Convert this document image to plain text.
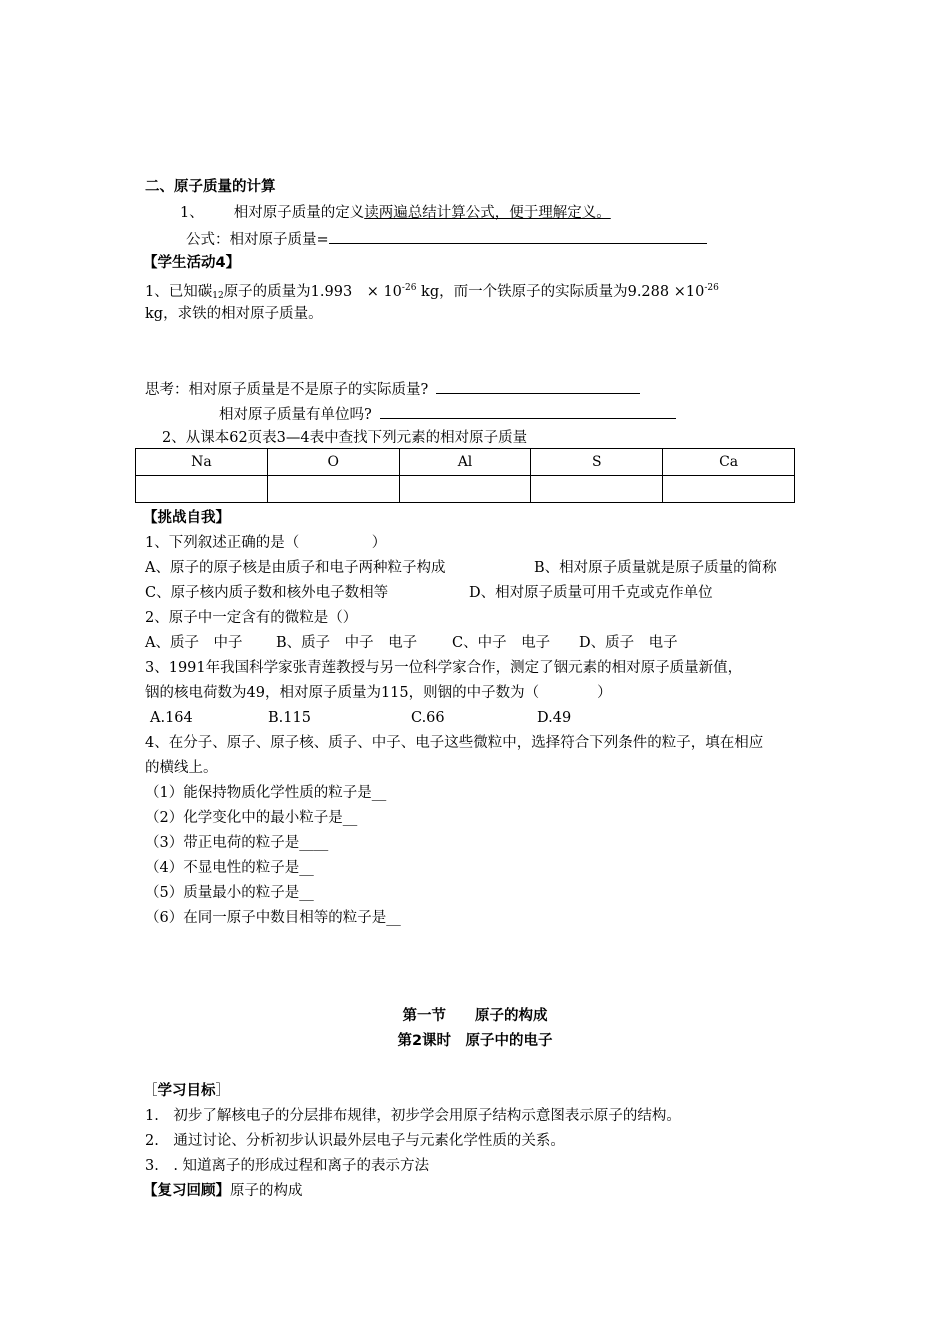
二、原子质量的计算
1、 相对原子质量的定义读两遍总结计算公式，便于理解定义。
公式：相对原子质量=
【学生活动4】
1、已知碳$_{12}$原子的质量为1.993　× $10^{-26}$ kg，而一个铁原子的实际质量为$9.288 \times 10^{-26}$
kg，求铁的相对原子质量。
思考：相对原子质量是不是原子的实际质量?
相对原子质量有单位吗?
2、从课本62页表3—4表中查找下列元素的相对原子质量
Na	O	Al	S	Ca

【挑战自我】
1、下列叙述正确的是（　　　　　）
A、原子的原子核是由质子和电子两种粒子构成	B、相对原子质量就是原子质量的简称
C、原子核内质子数和核外电子数相等	D、相对原子质量可用千克或克作单位
2、原子中一定含有的微粒是（）
A、质子　中子 B、质子　中子　电子 C、中子　电子 D、质子　电子
3、1991年我国科学家张青莲教授与另一位科学家合作，测定了铟元素的相对原子质量新值，
铟的核电荷数为49，相对原子质量为115，则铟的中子数为（　　　　）
A.164	B.115	C.66	D.49
4、在分子、原子、原子核、质子、中子、电子这些微粒中，选择符合下列条件的粒子，填在相应
的横线上。
（1）能保持物质化学性质的粒子是__
（2）化学变化中的最小粒子是__
（3）带正电荷的粒子是____
（4）不显电性的粒子是__
（5）质量最小的粒子是__
（6）在同一原子中数目相等的粒子是__
第一节　　原子的构成
第2课时　原子中的电子
［学习目标］
1.　初步了解核电子的分层排布规律，初步学会用原子结构示意图表示原子的结构。
2.　通过讨论、分析初步认识最外层电子与元素化学性质的关系。
3.　. 知道离子的形成过程和离子的表示方法
【复习回顾】原子的构成
